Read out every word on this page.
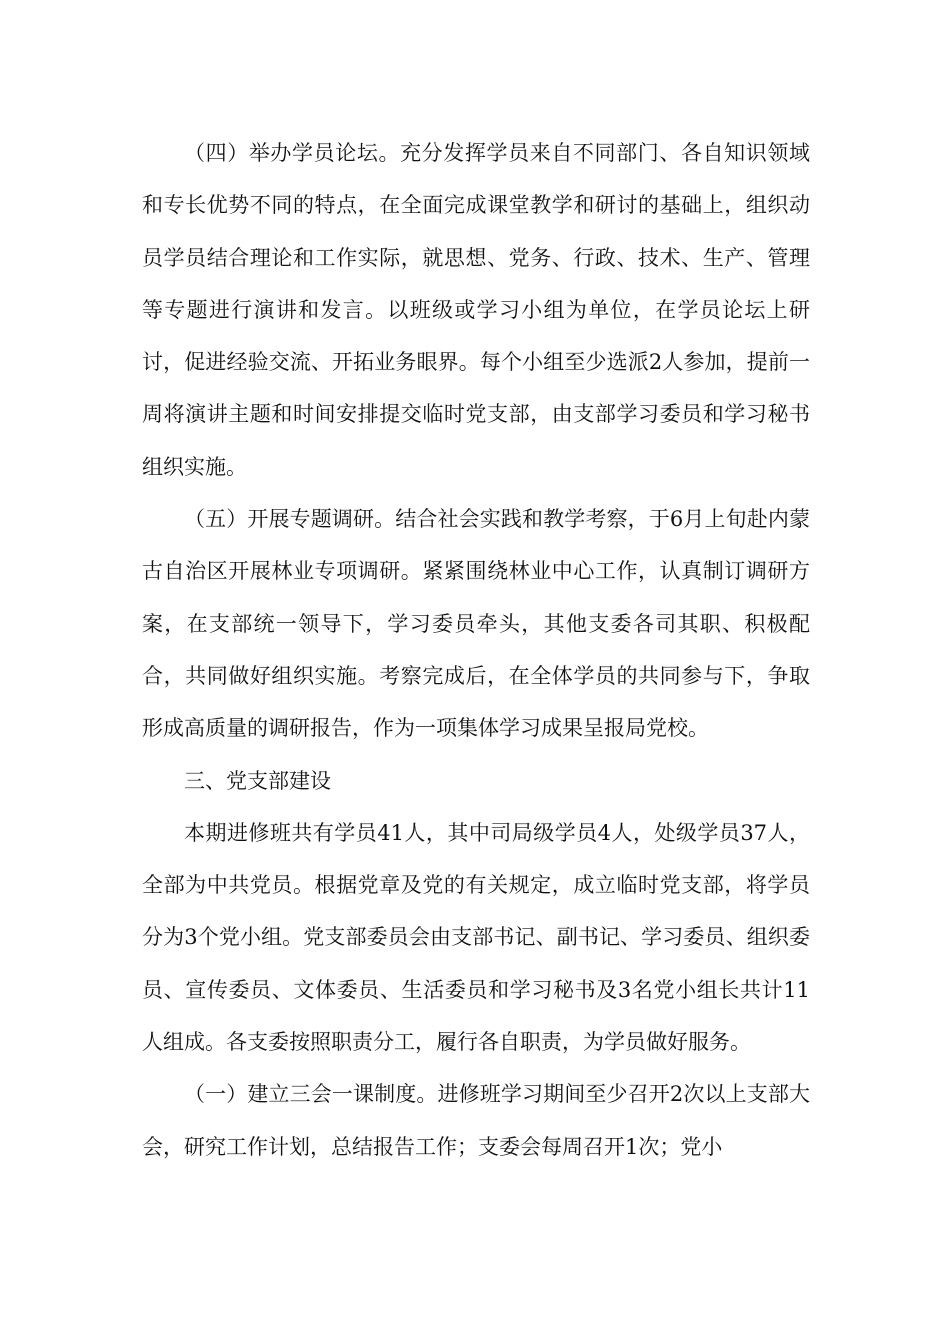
（四）举办学员论坛。充分发挥学员来自不同部门、各自知识领域和专长优势不同的特点，在全面完成课堂教学和研讨的基础上，组织动员学员结合理论和工作实际，就思想、党务、行政、技术、生产、管理等专题进行演讲和发言。以班级或学习小组为单位，在学员论坛上研讨，促进经验交流、开拓业务眼界。每个小组至少选派2人参加，提前一周将演讲主题和时间安排提交临时党支部，由支部学习委员和学习秘书组织实施。

（五）开展专题调研。结合社会实践和教学考察，于6月上旬赴内蒙古自治区开展林业专项调研。紧紧围绕林业中心工作，认真制订调研方案，在支部统一领导下，学习委员牵头，其他支委各司其职、积极配合，共同做好组织实施。考察完成后，在全体学员的共同参与下，争取形成高质量的调研报告，作为一项集体学习成果呈报局党校。

三、党支部建设

本期进修班共有学员41人，其中司局级学员4人，处级学员37人，全部为中共党员。根据党章及党的有关规定，成立临时党支部，将学员分为3个党小组。党支部委员会由支部书记、副书记、学习委员、组织委员、宣传委员、文体委员、生活委员和学习秘书及3名党小组长共计11人组成。各支委按照职责分工，履行各自职责，为学员做好服务。

（一）建立三会一课制度。进修班学习期间至少召开2次以上支部大会，研究工作计划，总结报告工作；支委会每周召开1次；党小
